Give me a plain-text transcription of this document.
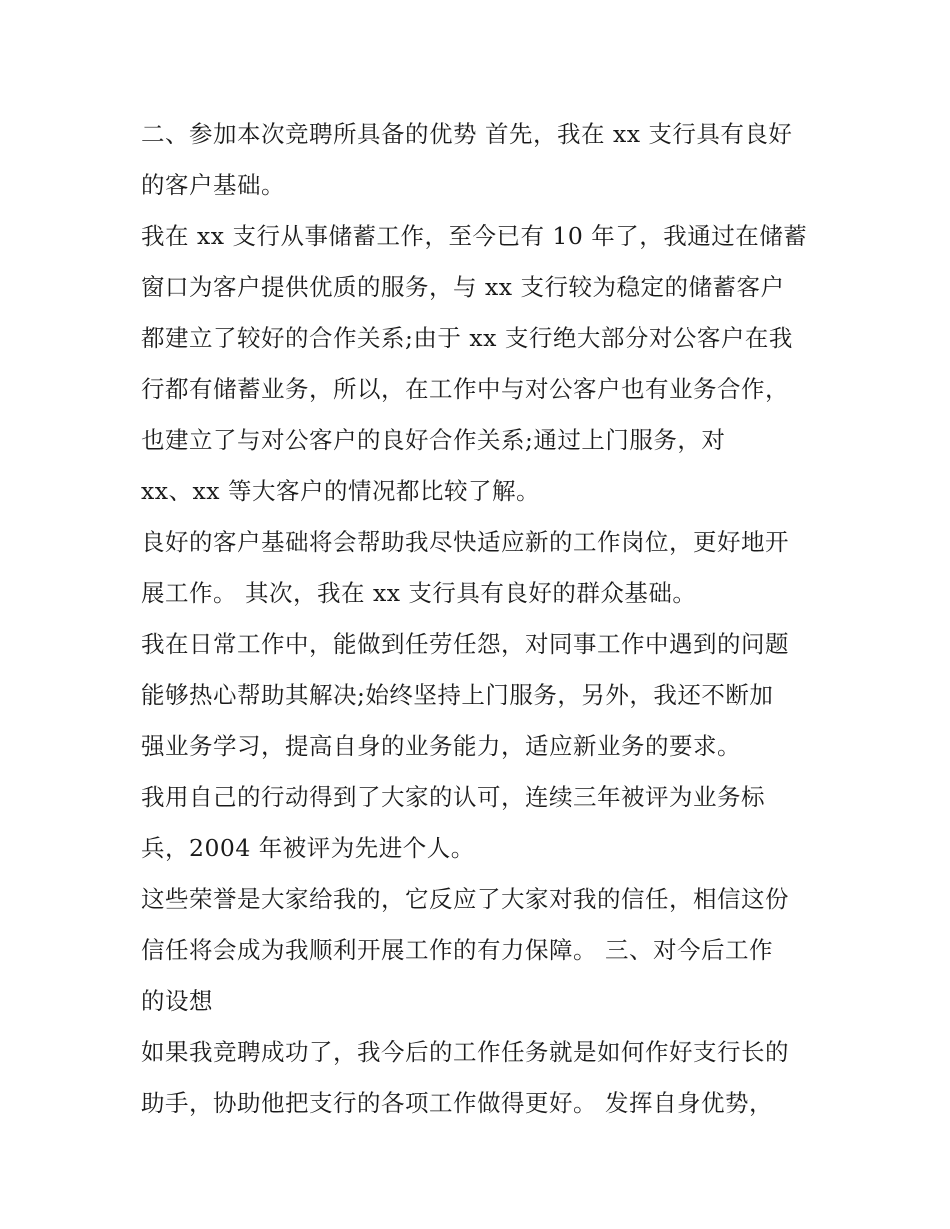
二、参加本次竞聘所具备的优势 首先，我在 xx 支行具有良好
的客户基础。
我在 xx 支行从事储蓄工作，至今已有 10 年了，我通过在储蓄
窗口为客户提供优质的服务，与 xx 支行较为稳定的储蓄客户
都建立了较好的合作关系;由于 xx 支行绝大部分对公客户在我
行都有储蓄业务，所以，在工作中与对公客户也有业务合作，
也建立了与对公客户的良好合作关系;通过上门服务，对
xx、xx 等大客户的情况都比较了解。
良好的客户基础将会帮助我尽快适应新的工作岗位，更好地开
展工作。 其次，我在 xx 支行具有良好的群众基础。
我在日常工作中，能做到任劳任怨，对同事工作中遇到的问题
能够热心帮助其解决;始终坚持上门服务，另外，我还不断加
强业务学习，提高自身的业务能力，适应新业务的要求。
我用自己的行动得到了大家的认可，连续三年被评为业务标
兵，2004 年被评为先进个人。
这些荣誉是大家给我的，它反应了大家对我的信任，相信这份
信任将会成为我顺利开展工作的有力保障。 三、对今后工作
的设想
如果我竞聘成功了，我今后的工作任务就是如何作好支行长的
助手，协助他把支行的各项工作做得更好。 发挥自身优势，
